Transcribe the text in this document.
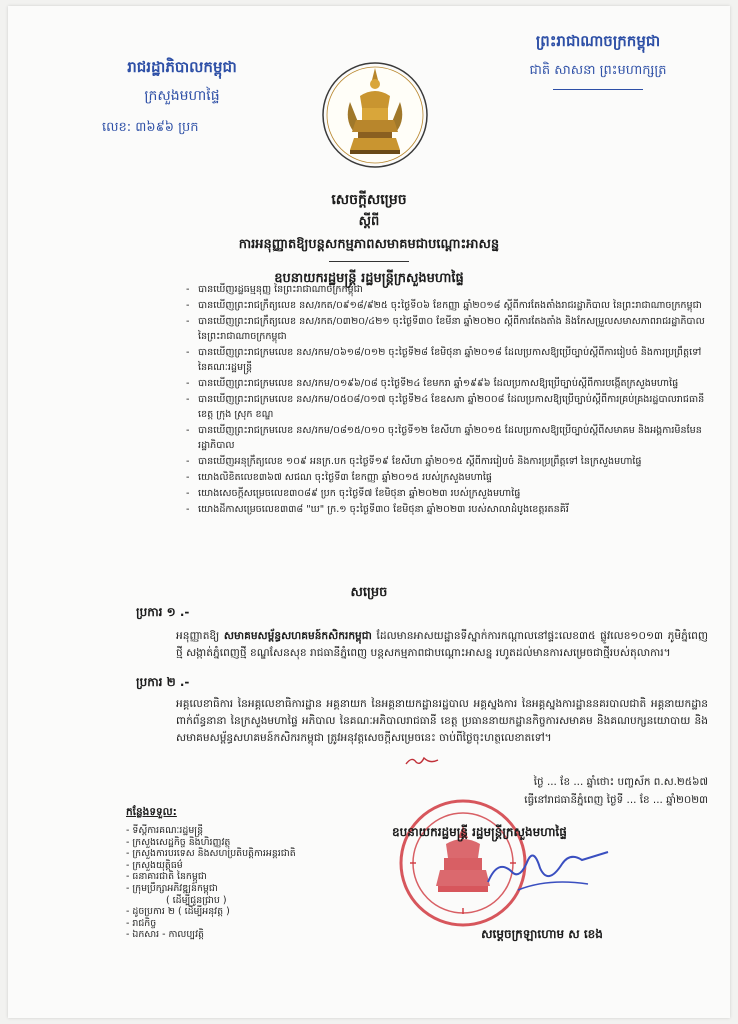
រាជរដ្ឋាភិបាលកម្ពុជា
ក្រសួងមហាផ្ទៃ
លេខ: ៣៦៩៦ ប្រក
ព្រះរាជាណាចក្រកម្ពុជា
ជាតិ សាសនា ព្រះមហាក្សត្រ
សេចក្តីសម្រេច
ស្តីពី
ការអនុញ្ញាតឱ្យបន្តសកម្មភាពសមាគមជាបណ្តោះអាសន្ន
ឧបនាយករដ្ឋមន្ត្រី រដ្ឋមន្ត្រីក្រសួងមហាផ្ទៃ
- បានឃើញរដ្ឋធម្មនុញ្ញ នៃព្រះរាជាណាចក្រកម្ពុជា
- បានឃើញព្រះរាជក្រឹត្យលេខ នស/រកត/០៩១៨/៩២៥ ចុះថ្ងៃទី០៦ ខែកញ្ញា ឆ្នាំ២០១៨ ស្តីពីការតែងតាំងរាជរដ្ឋាភិបាល នៃព្រះរាជាណាចក្រកម្ពុជា
- បានឃើញព្រះរាជក្រឹត្យលេខ នស/រកត/០៣២០/៤២១ ចុះថ្ងៃទី៣០ ខែមីនា ឆ្នាំ២០២០ ស្តីពីការតែងតាំង និងកែសម្រួលសមាសភាពរាជរដ្ឋាភិបាល នៃព្រះរាជាណាចក្រកម្ពុជា
- បានឃើញព្រះរាជក្រមលេខ នស/រកម/០៦១៨/០១២ ចុះថ្ងៃទី២៨ ខែមិថុនា ឆ្នាំ២០១៨ ដែលប្រកាសឱ្យប្រើច្បាប់ស្តីពីការរៀបចំ និងការប្រព្រឹត្តទៅ នៃគណៈរដ្ឋមន្ត្រី
- បានឃើញព្រះរាជក្រមលេខ នស/រកម/០១៩៦/០៨ ចុះថ្ងៃទី២៤ ខែមករា ឆ្នាំ១៩៩៦ ដែលប្រកាសឱ្យប្រើច្បាប់ស្តីពីការបង្កើតក្រសួងមហាផ្ទៃ
- បានឃើញព្រះរាជក្រមលេខ នស/រកម/០៥០៨/០១៧ ចុះថ្ងៃទី២៤ ខែឧសភា ឆ្នាំ២០០៨ ដែលប្រកាសឱ្យប្រើច្បាប់ស្តីពីការគ្រប់គ្រងរដ្ឋបាលរាជធានី ខេត្ត ក្រុង ស្រុក ខណ្ឌ
- បានឃើញព្រះរាជក្រមលេខ នស/រកម/០៨១៥/០១០ ចុះថ្ងៃទី១២ ខែសីហា ឆ្នាំ២០១៥ ដែលប្រកាសឱ្យប្រើច្បាប់ស្តីពីសមាគម និងអង្គការមិនមែនរដ្ឋាភិបាល
- បានឃើញអនុក្រឹត្យលេខ ១០៩ អនក្រ.បក ចុះថ្ងៃទី១៩ ខែសីហា ឆ្នាំ២០១៥ ស្តីពីការរៀបចំ និងការប្រព្រឹត្តទៅ នៃក្រសួងមហាផ្ទៃ
- យោងលិខិតលេខ៣៦៧ សជណ ចុះថ្ងៃទី៣ ខែកញ្ញា ឆ្នាំ២០១៥ របស់ក្រសួងមហាផ្ទៃ
- យោងសេចក្តីសម្រេចលេខ៣០៨៩ ប្រក ចុះថ្ងៃទី៧ ខែមិថុនា ឆ្នាំ២០២៣ របស់ក្រសួងមហាផ្ទៃ
- យោងដីកាសម្រេចលេខ៣៣៨ "ឃ" ក្រ.១ ចុះថ្ងៃទី៣០ ខែមិថុនា ឆ្នាំ២០២៣ របស់សាលាដំបូងខេត្តរតនគិរី
សម្រេច
ប្រការ ១ .-
អនុញ្ញាតឱ្យ សមាគមសម្ព័ន្ធសហគមន៍កសិករកម្ពុជា ដែលមានអាសយដ្ឋានទីស្នាក់ការកណ្តាលនៅផ្ទះលេខ៣៥ ផ្លូវលេខ១០១៣ ភូមិភ្នំពេញថ្មី សង្កាត់ភ្នំពេញថ្មី ខណ្ឌសែនសុខ រាជធានីភ្នំពេញ បន្តសកម្មភាពជាបណ្តោះអាសន្ន រហូតដល់មានការសម្រេចជាថ្មីរបស់តុលាការ។
ប្រការ ២ .-
អគ្គលេខាធិការ នៃអគ្គលេខាធិការដ្ឋាន អគ្គនាយក នៃអគ្គនាយកដ្ឋានរដ្ឋបាល អគ្គស្នងការ នៃអគ្គស្នងការដ្ឋាននគរបាលជាតិ អគ្គនាយកដ្ឋានពាក់ព័ន្ធនានា នៃក្រសួងមហាផ្ទៃ អភិបាល នៃគណៈអភិបាលរាជធានី ខេត្ត ប្រធាននាយកដ្ឋានកិច្ចការសមាគម និងគណបក្សនយោបាយ និងសមាគមសម្ព័ន្ធសហគមន៍កសិករកម្ពុជា ត្រូវអនុវត្តសេចក្តីសម្រេចនេះ ចាប់ពីថ្ងៃចុះហត្ថលេខាតទៅ។
ថ្ងៃ ... ខែ ... ឆ្នាំថោះ បញ្ចស័ក ព.ស.២៥៦៧
ធ្វើនៅរាជធានីភ្នំពេញ ថ្ងៃទី ... ខែ ... ឆ្នាំ២០២៣
កន្លែងទទួល:
- ទីស្តីការគណៈរដ្ឋមន្ត្រី
- ក្រសួងសេដ្ឋកិច្ច និងហិរញ្ញវត្ថុ
- ក្រសួងការបរទេស និងសហប្រតិបត្តិការអន្តរជាតិ
- ក្រសួងយុត្តិធម៌
- ធនាគារជាតិ នៃកម្ពុជា
- ក្រុមប្រឹក្សាអភិវឌ្ឍន៍កម្ពុជា
( ដើម្បីជូនជ្រាប )
- ដូចប្រការ ២ ( ដើម្បីអនុវត្ត )
- រាជកិច្ច
- ឯកសារ - កាលប្បវត្តិ
ឧបនាយករដ្ឋមន្ត្រី រដ្ឋមន្ត្រីក្រសួងមហាផ្ទៃ
សម្តេចក្រឡាហោម ស ខេង
